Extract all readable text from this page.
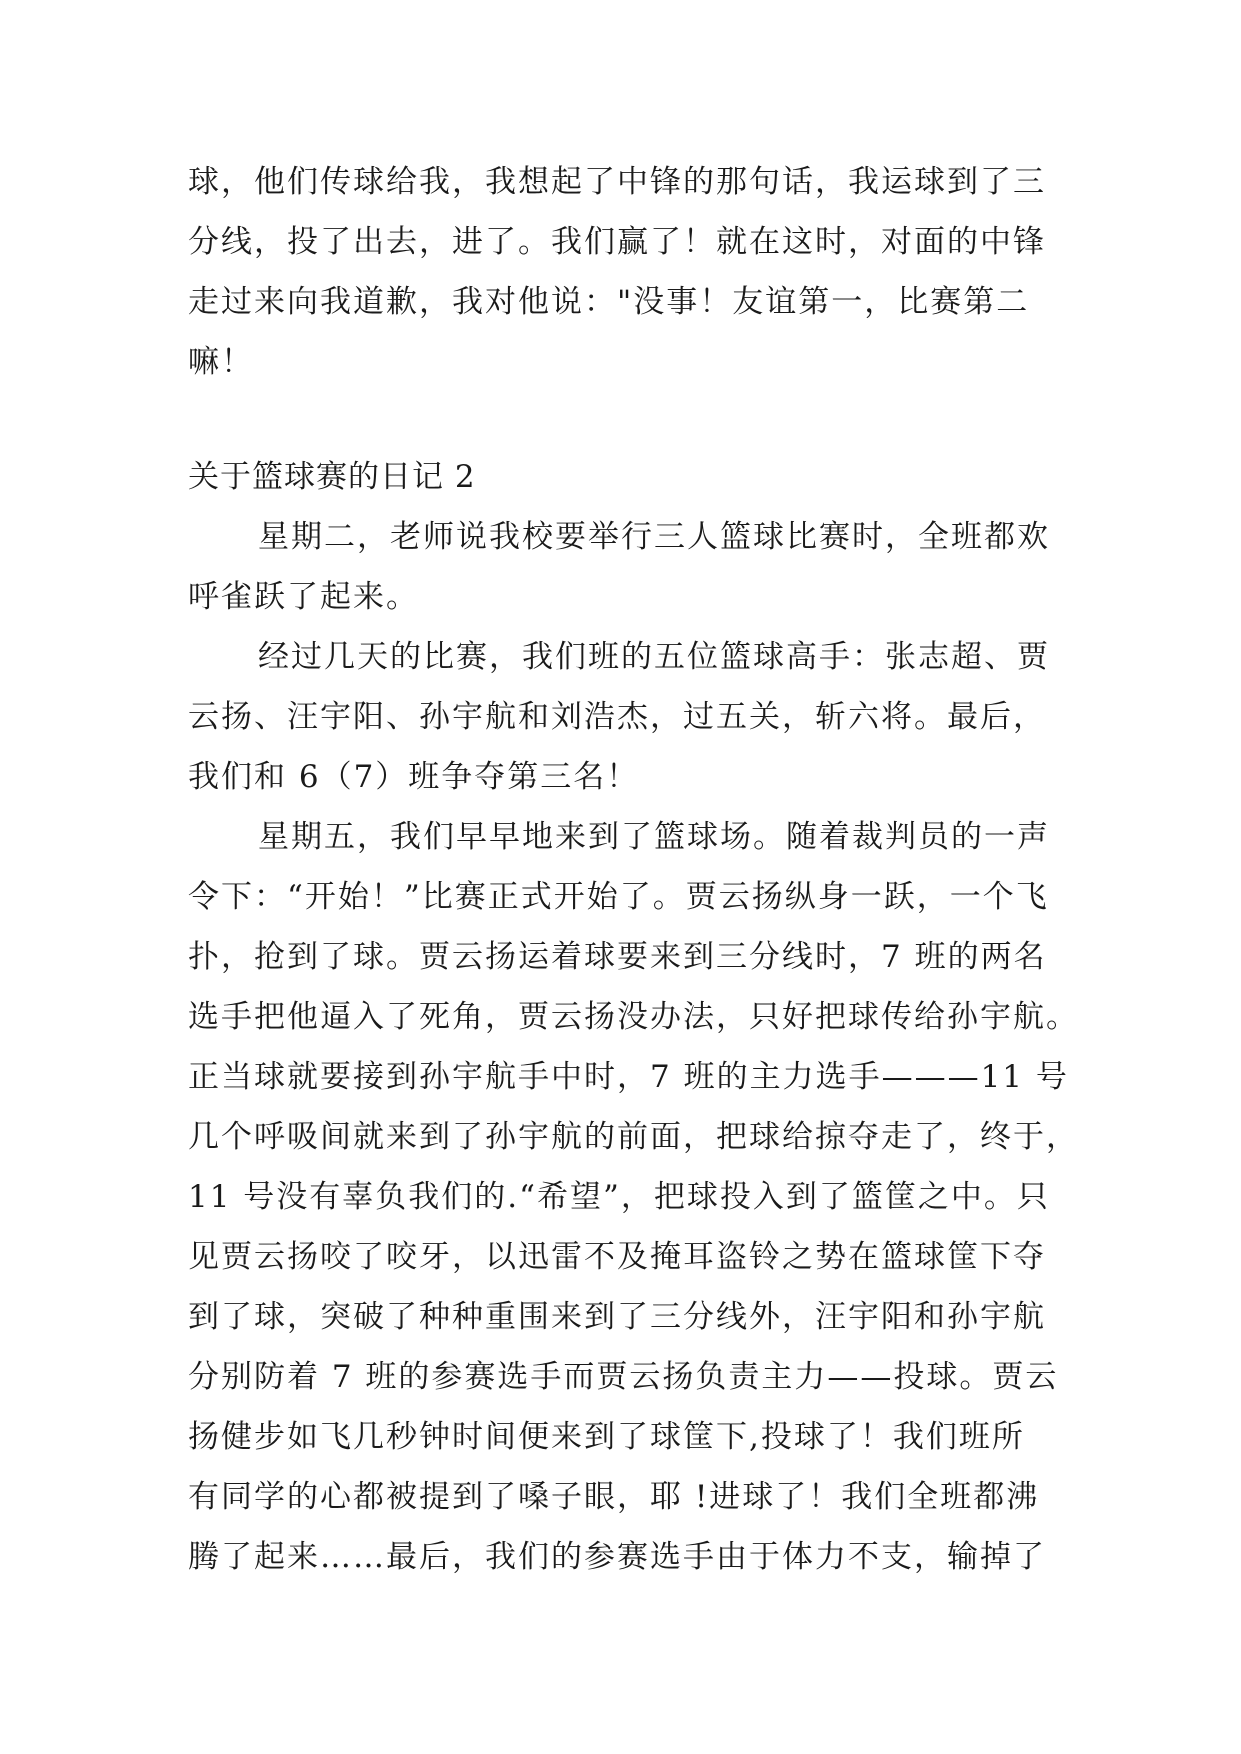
球，他们传球给我，我想起了中锋的那句话，我运球到了三
分线，投了出去，进了。我们赢了！就在这时，对面的中锋
走过来向我道歉，我对他说："没事！友谊第一，比赛第二
嘛！
关于篮球赛的日记 2
星期二，老师说我校要举行三人篮球比赛时，全班都欢
呼雀跃了起来。
经过几天的比赛，我们班的五位篮球高手：张志超、贾
云扬、汪宇阳、孙宇航和刘浩杰，过五关，斩六将。最后，
我们和 6（7）班争夺第三名！
星期五，我们早早地来到了篮球场。随着裁判员的一声
令下：“开始！”比赛正式开始了。贾云扬纵身一跃，一个飞
扑，抢到了球。贾云扬运着球要来到三分线时，7 班的两名
选手把他逼入了死角，贾云扬没办法，只好把球传给孙宇航。
正当球就要接到孙宇航手中时，7 班的主力选手———11 号
几个呼吸间就来到了孙宇航的前面，把球给掠夺走了，终于，
11 号没有辜负我们的.“希望”，把球投入到了篮筐之中。只
见贾云扬咬了咬牙，以迅雷不及掩耳盗铃之势在篮球筐下夺
到了球，突破了种种重围来到了三分线外，汪宇阳和孙宇航
分别防着 7 班的参赛选手而贾云扬负责主力——投球。贾云
扬健步如飞几秒钟时间便来到了球筐下,投球了！我们班所
有同学的心都被提到了嗓子眼，耶 !进球了！我们全班都沸
腾了起来……最后，我们的参赛选手由于体力不支，输掉了
